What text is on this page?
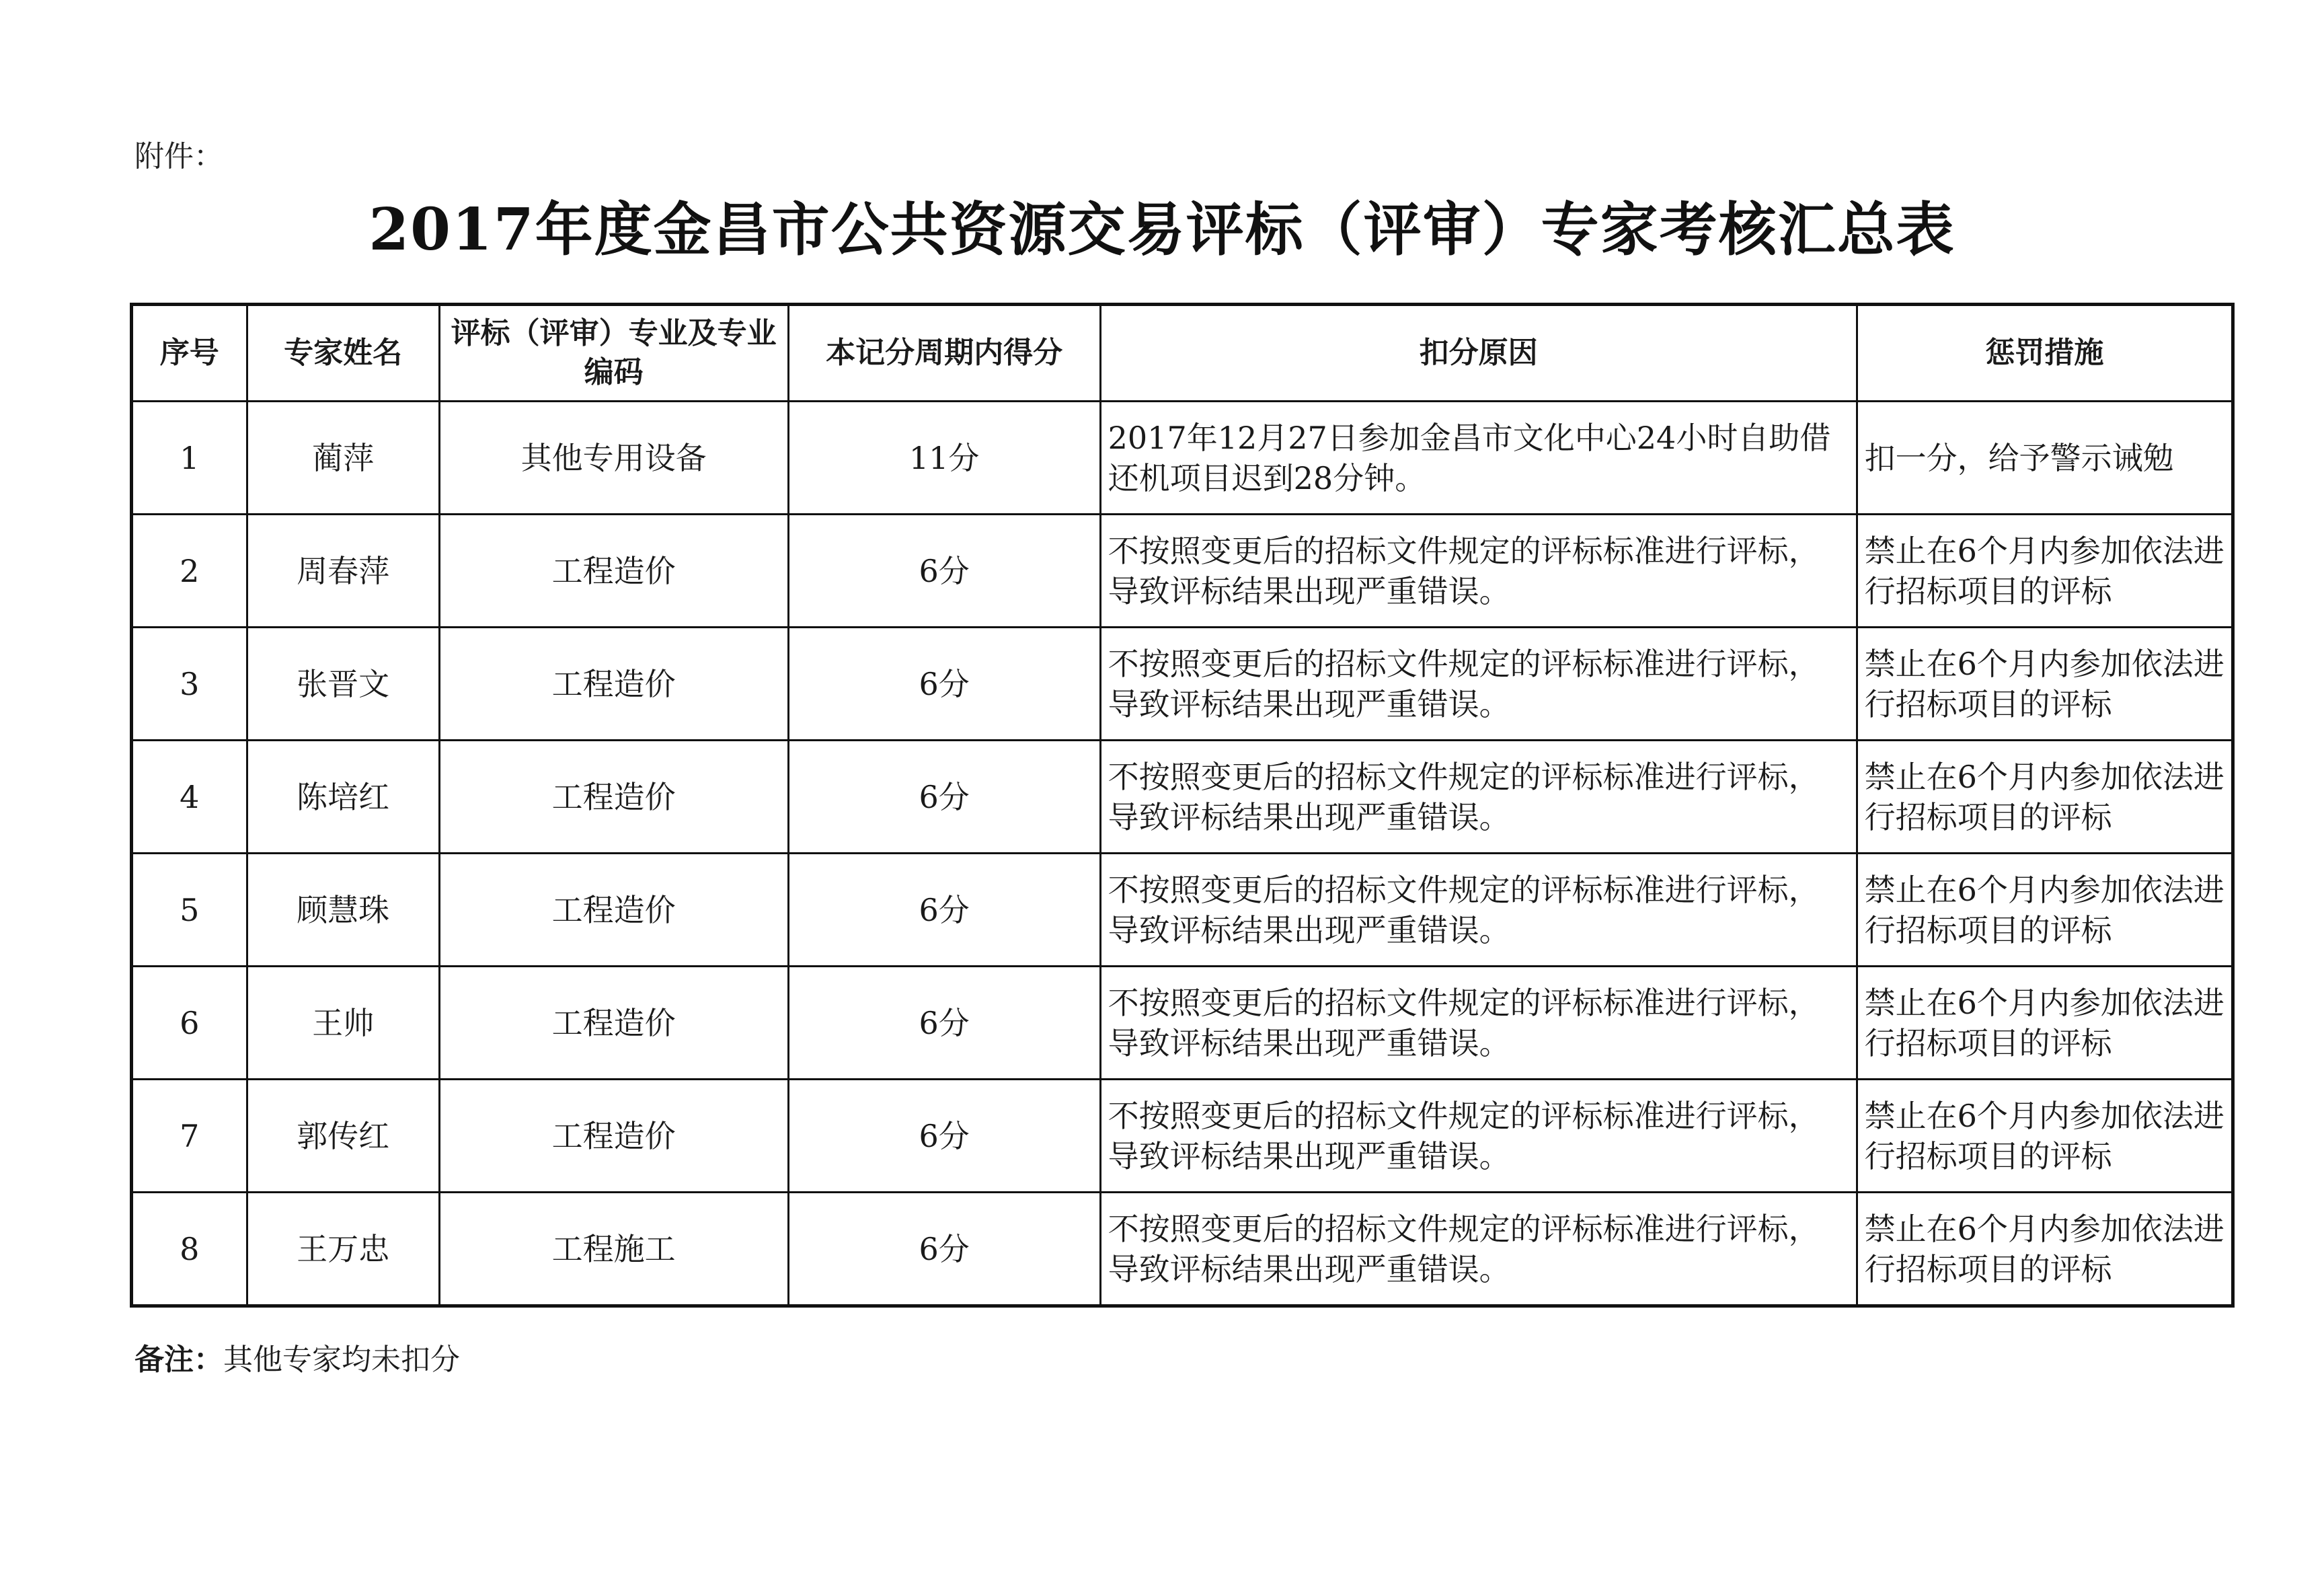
附件：
2017年度金昌市公共资源交易评标（评审）专家考核汇总表
序号	专家姓名	评标（评审）专业及专业编码	本记分周期内得分	扣分原因	惩罚措施
1	蔺萍	其他专用设备	11分	2017年12月27日参加金昌市文化中心24小时自助借还机项目迟到28分钟。	扣一分，给予警示诫勉
2	周春萍	工程造价	6分	不按照变更后的招标文件规定的评标标准进行评标，导致评标结果出现严重错误。	禁止在6个月内参加依法进行招标项目的评标
3	张晋文	工程造价	6分	不按照变更后的招标文件规定的评标标准进行评标，导致评标结果出现严重错误。	禁止在6个月内参加依法进行招标项目的评标
4	陈培红	工程造价	6分	不按照变更后的招标文件规定的评标标准进行评标，导致评标结果出现严重错误。	禁止在6个月内参加依法进行招标项目的评标
5	顾慧珠	工程造价	6分	不按照变更后的招标文件规定的评标标准进行评标，导致评标结果出现严重错误。	禁止在6个月内参加依法进行招标项目的评标
6	王帅	工程造价	6分	不按照变更后的招标文件规定的评标标准进行评标，导致评标结果出现严重错误。	禁止在6个月内参加依法进行招标项目的评标
7	郭传红	工程造价	6分	不按照变更后的招标文件规定的评标标准进行评标，导致评标结果出现严重错误。	禁止在6个月内参加依法进行招标项目的评标
8	王万忠	工程施工	6分	不按照变更后的招标文件规定的评标标准进行评标，导致评标结果出现严重错误。	禁止在6个月内参加依法进行招标项目的评标
备注：其他专家均未扣分
